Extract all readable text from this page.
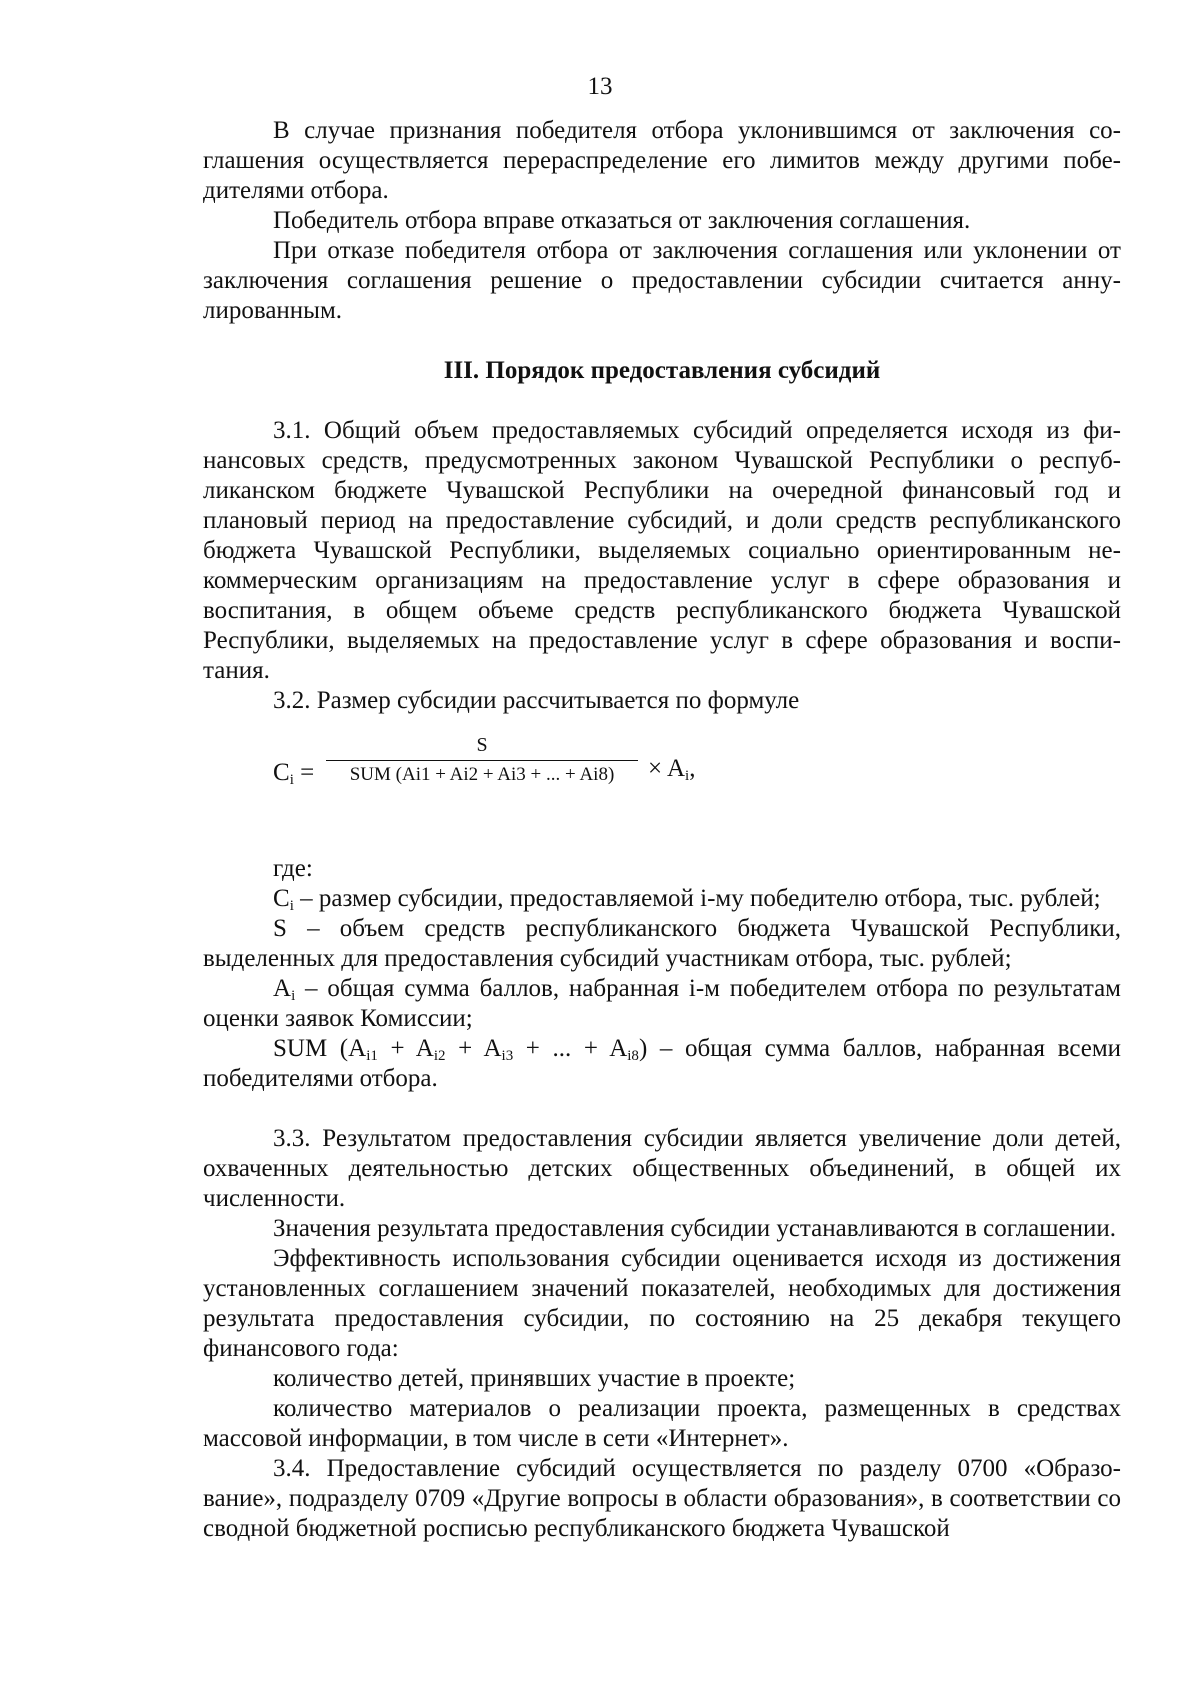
13

В случае признания победителя отбора уклонившимся от заключения соглашения осуществляется перераспределение его лимитов между другими победителями отбора.

Победитель отбора вправе отказаться от заключения соглашения.

При отказе победителя отбора от заключения соглашения или уклонении от заключения соглашения решение о предоставлении субсидии считается аннулированным.

III. Порядок предоставления субсидий

3.1. Общий объем предоставляемых субсидий определяется исходя из финансовых средств, предусмотренных законом Чувашской Республики о республиканском бюджете Чувашской Республики на очередной финансовый год и плановый период на предоставление субсидий, и доли средств республиканского бюджета Чувашской Республики, выделяемых социально ориентированным некоммерческим организациям на предоставление услуг в сфере образования и воспитания, в общем объеме средств республиканского бюджета Чувашской Республики, выделяемых на предоставление услуг в сфере образования и воспитания.

3.2. Размер субсидии рассчитывается по формуле

$C_i$ =
S
SUM (Ai1 + Ai2 + Ai3 + ... + Ai8)	× $A_i$,

где:

$C_i$ – размер субсидии, предоставляемой i-му победителю отбора, тыс. рублей;

S – объем средств республиканского бюджета Чувашской Республики, выделенных для предоставления субсидий участникам отбора, тыс. рублей;

$A_i$ – общая сумма баллов, набранная i-м победителем отбора по результатам оценки заявок Комиссии;

SUM ($A_{i1} + A_{i2} + A_{i3}$ + ... + $A_{i8}$) – общая сумма баллов, набранная всеми победителями отбора.

3.3. Результатом предоставления субсидии является увеличение доли детей, охваченных деятельностью детских общественных объединений, в общей их численности.

Значения результата предоставления субсидии устанавливаются в соглашении.

Эффективность использования субсидии оценивается исходя из достижения установленных соглашением значений показателей, необходимых для достижения результата предоставления субсидии, по состоянию на 25 декабря текущего финансового года:

количество детей, принявших участие в проекте;

количество материалов о реализации проекта, размещенных в средствах массовой информации, в том числе в сети «Интернет».

3.4. Предоставление субсидий осуществляется по разделу 0700 «Образование», подразделу 0709 «Другие вопросы в области образования», в соответствии со сводной бюджетной росписью республиканского бюджета Чувашской
